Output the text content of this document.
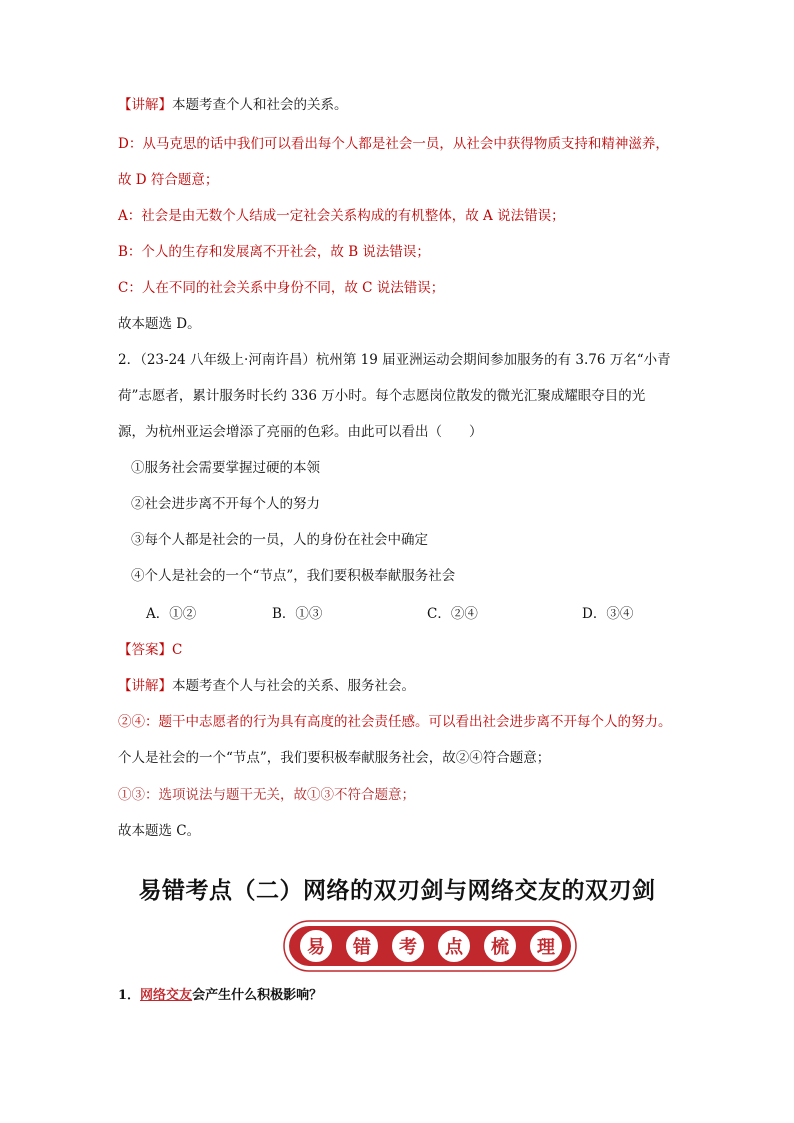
【讲解】本题考查个人和社会的关系。
D：从马克思的话中我们可以看出每个人都是社会一员，从社会中获得物质支持和精神滋养，
故 D 符合题意；
A：社会是由无数个人结成一定社会关系构成的有机整体，故 A 说法错误；
B：个人的生存和发展离不开社会，故 B 说法错误；
C：人在不同的社会关系中身份不同，故 C 说法错误；
故本题选 D。
2．（23-24 八年级上·河南许昌）杭州第 19 届亚洲运动会期间参加服务的有 3.76 万名“小青
荷”志愿者，累计服务时长约 336 万小时。每个志愿岗位散发的微光汇聚成耀眼夺目的光
源，为杭州亚运会增添了亮丽的色彩。由此可以看出（　　）
①服务社会需要掌握过硬的本领
②社会进步离不开每个人的努力
③每个人都是社会的一员，人的身份在社会中确定
④个人是社会的一个“节点”，我们要积极奉献服务社会
A．①②	B．①③	C．②④	D．③④
【答案】C
【讲解】本题考查个人与社会的关系、服务社会。
②④：题干中志愿者的行为具有高度的社会责任感。可以看出社会进步离不开每个人的努力。
个人是社会的一个“节点”，我们要积极奉献服务社会，故②④符合题意；
①③：选项说法与题干无关，故①③不符合题意；
故本题选 C。
易错考点（二）网络的双刃剑与网络交友的双刃剑
易	错	考	点	梳	理
1．网络交友会产生什么积极影响？
